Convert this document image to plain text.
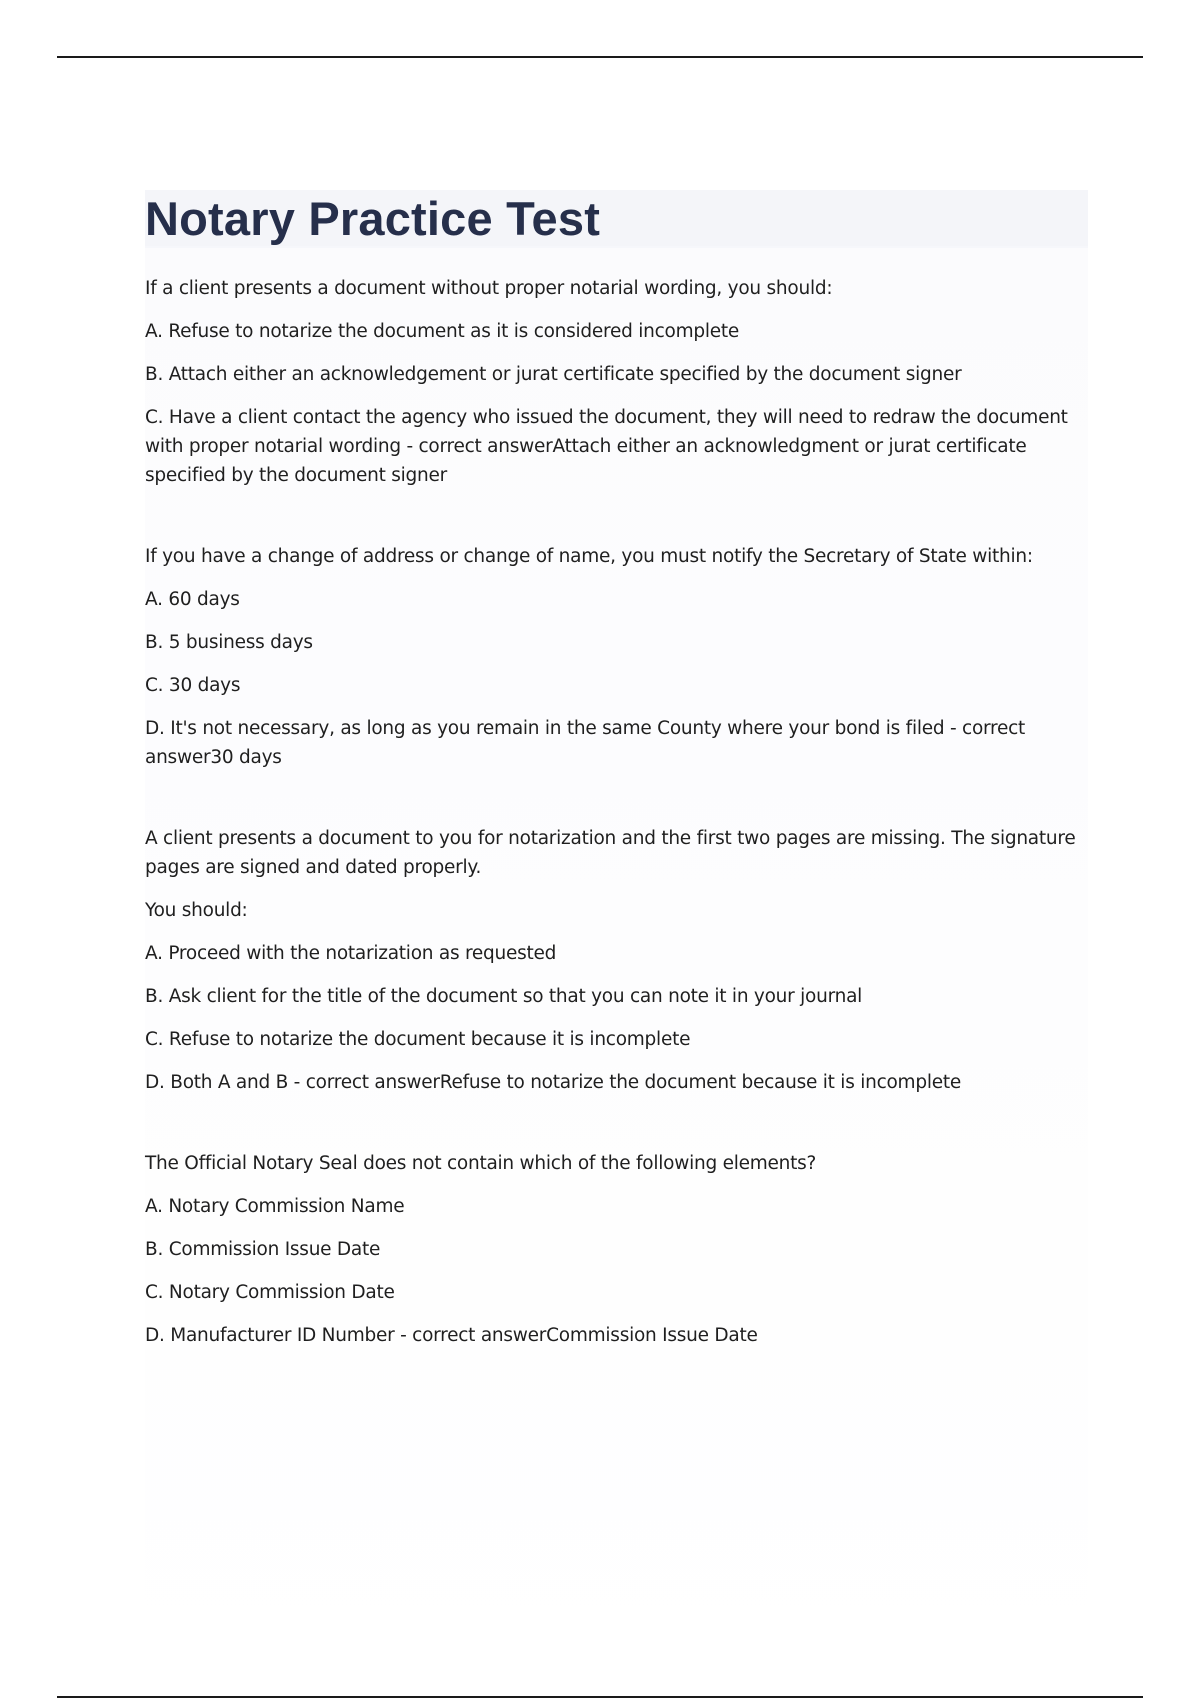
Notary Practice Test

If a client presents a document without proper notarial wording, you should:

A. Refuse to notarize the document as it is considered incomplete

B. Attach either an acknowledgement or jurat certificate specified by the document signer

C. Have a client contact the agency who issued the document, they will need to redraw the document with proper notarial wording - correct answerAttach either an acknowledgment or jurat certificate specified by the document signer

If you have a change of address or change of name, you must notify the Secretary of State within:

A. 60 days

B. 5 business days

C. 30 days

D. It's not necessary, as long as you remain in the same County where your bond is filed - correct answer30 days

A client presents a document to you for notarization and the first two pages are missing. The signature pages are signed and dated properly.

You should:

A. Proceed with the notarization as requested

B. Ask client for the title of the document so that you can note it in your journal

C. Refuse to notarize the document because it is incomplete

D. Both A and B - correct answerRefuse to notarize the document because it is incomplete

The Official Notary Seal does not contain which of the following elements?

A. Notary Commission Name

B. Commission Issue Date

C. Notary Commission Date

D. Manufacturer ID Number - correct answerCommission Issue Date
